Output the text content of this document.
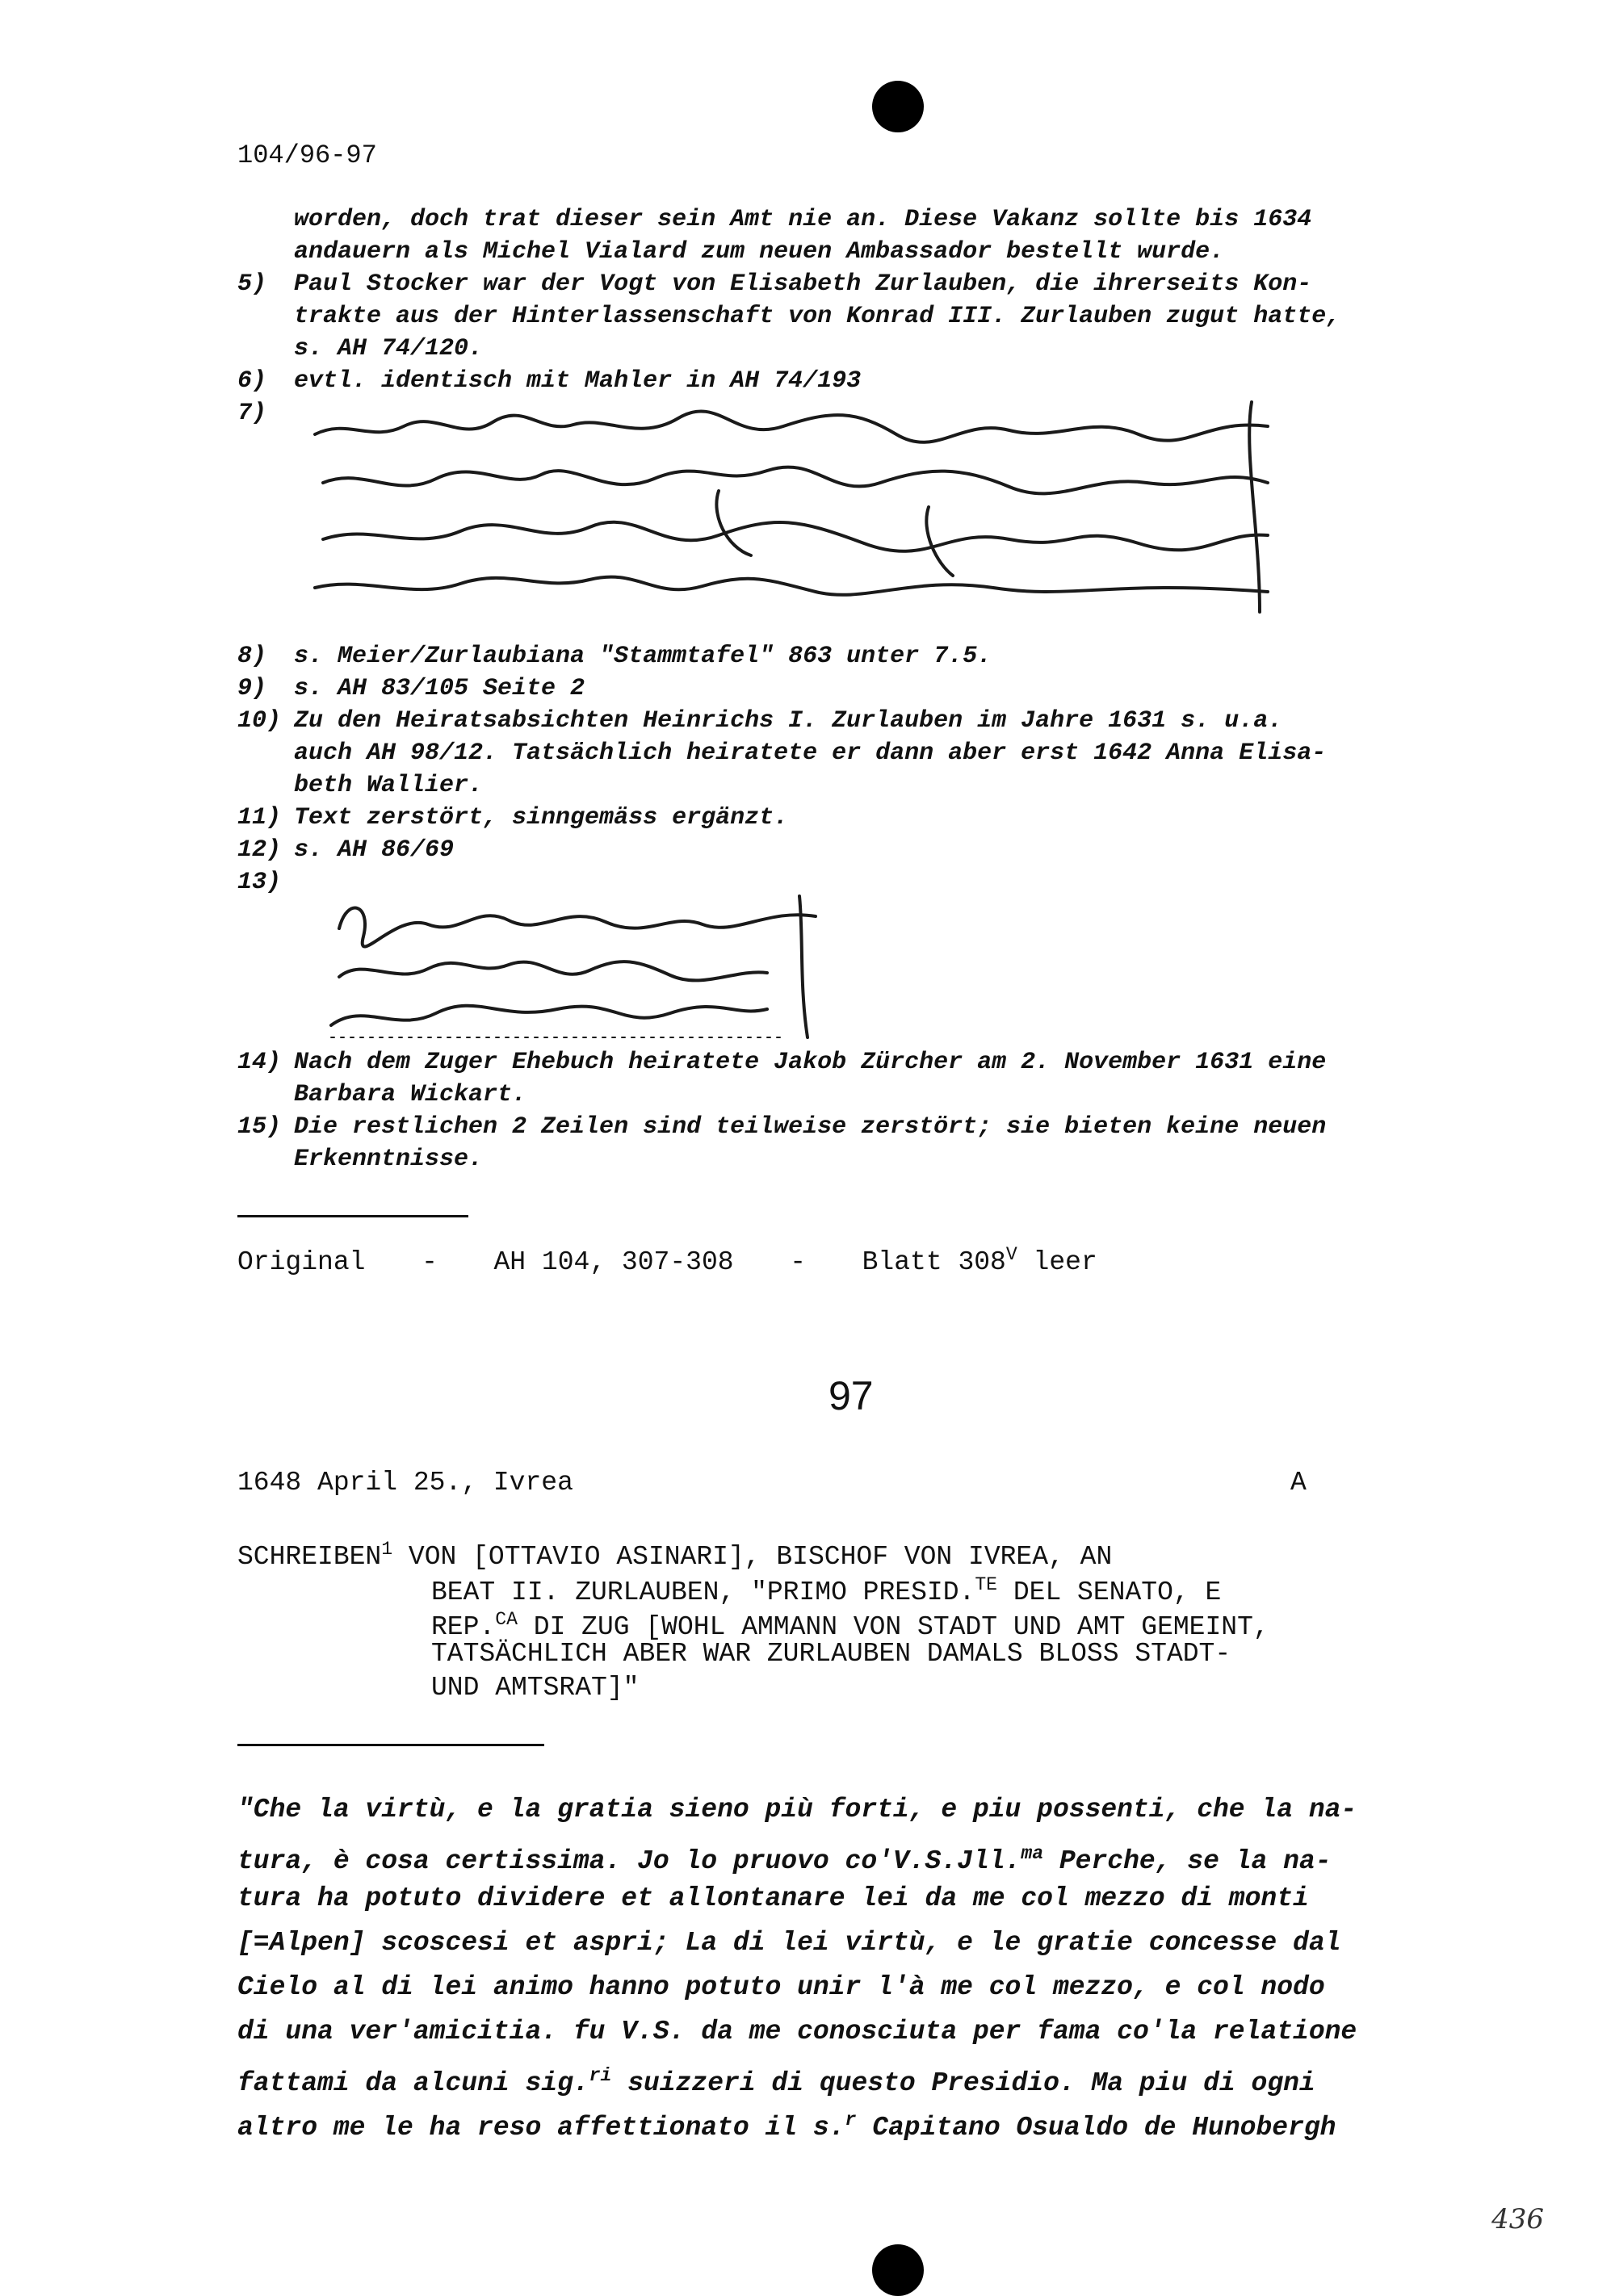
104/96-97
worden, doch trat dieser sein Amt nie an. Diese Vakanz sollte bis 1634
andauern als Michel Vialard zum neuen Ambassador bestellt wurde.
5) Paul Stocker war der Vogt von Elisabeth Zurlauben, die ihrerseits Kon-
trakte aus der Hinterlassenschaft von Konrad III. Zurlauben zugut hatte,
s. AH 74/120.
6) evtl. identisch mit Mahler in AH 74/193
7)
8) s. Meier/Zurlaubiana "Stammtafel" 863 unter 7.5.
9) s. AH 83/105 Seite 2
10) Zu den Heiratsabsichten Heinrichs I. Zurlauben im Jahre 1631 s. u.a.
auch AH 98/12. Tatsächlich heiratete er dann aber erst 1642 Anna Elisa-
beth Wallier.
11) Text zerstört, sinngemäss ergänzt.
12) s. AH 86/69
13)
14) Nach dem Zuger Ehebuch heiratete Jakob Zürcher am 2. November 1631 eine
Barbara Wickart.
15) Die restlichen 2 Zeilen sind teilweise zerstört; sie bieten keine neuen
Erkenntnisse.
Original - AH 104, 307-308 - Blatt $308^V$ leer
97
1648 April 25., Ivrea	A
SCHREIBEN$^1$ VON [OTTAVIO ASINARI], BISCHOF VON IVREA, AN
BEAT II. ZURLAUBEN, "PRIMO PRESID.$^{TE}$ DEL SENATO, E
REP.$^{CA}$ DI ZUG [WOHL AMMANN VON STADT UND AMT GEMEINT,
TATSÄCHLICH ABER WAR ZURLAUBEN DAMALS BLOSS STADT-
UND AMTSRAT]"
"Che la virtù, e la gratia sieno più forti, e piu possenti, che la na-
tura, è cosa certissima. Jo lo pruovo co'V.S.Jll.$^{ma}$ Perche, se la na-
tura ha potuto dividere et allontanare lei da me col mezzo di monti
[=Alpen] scoscesi et aspri; La di lei virtù, e le gratie concesse dal
Cielo al di lei animo hanno potuto unir l'à me col mezzo, e col nodo
di una ver'amicitia. fu V.S. da me conosciuta per fama co'la relatione
fattami da alcuni sig.$^{ri}$ suizzeri di questo Presidio. Ma piu di ogni
altro me le ha reso affettionato il s.$^r$ Capitano Osualdo de Hunobergh
436
